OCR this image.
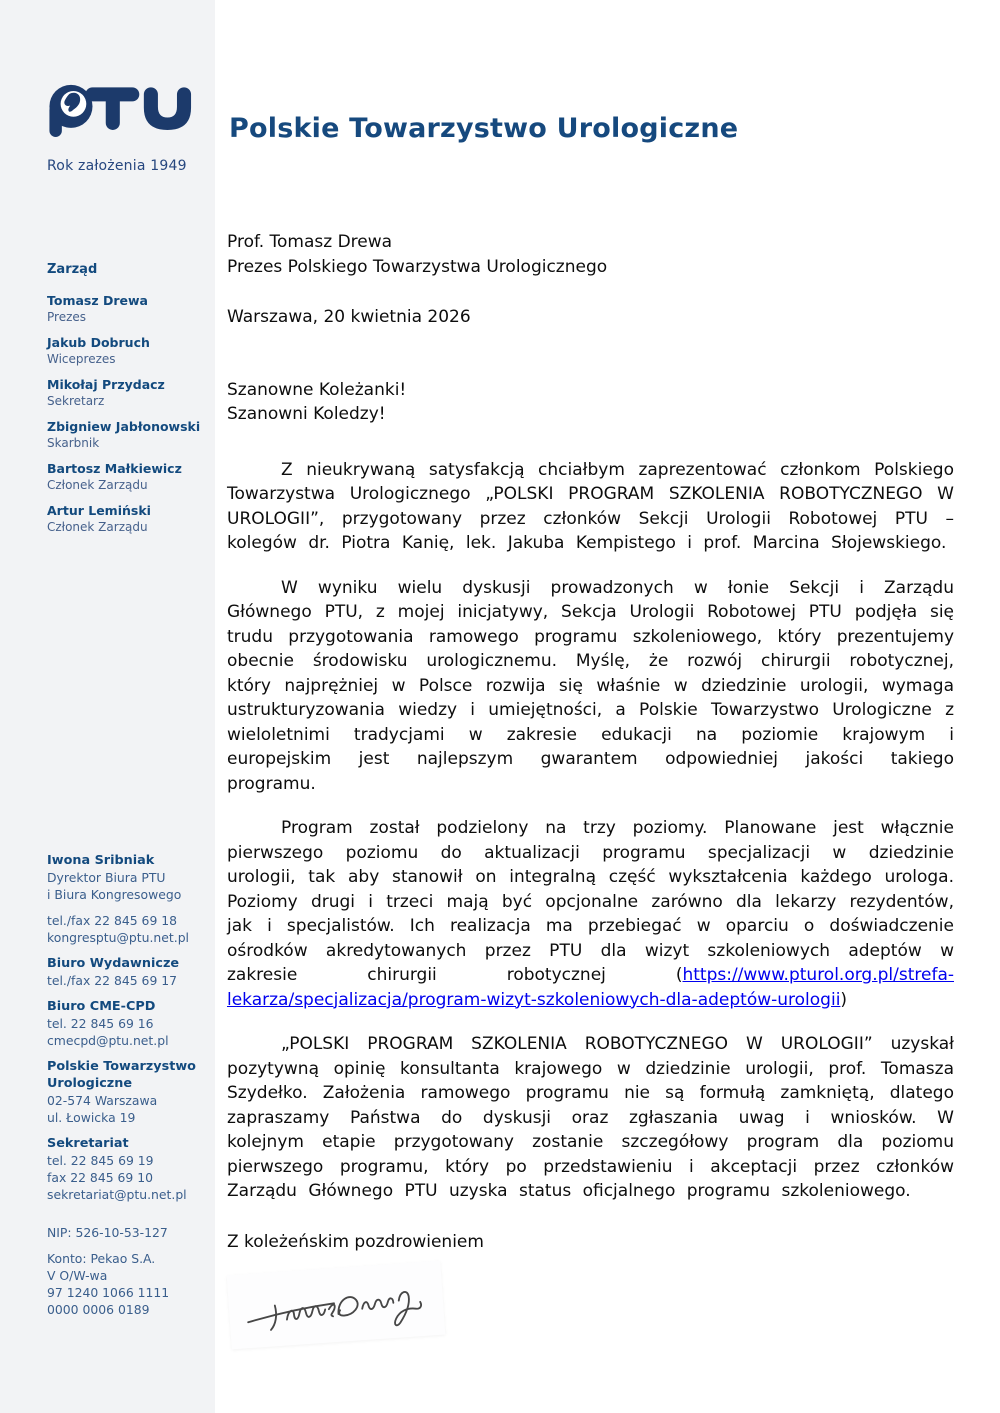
Rok założenia 1949
Zarząd
Tomasz Drewa
Prezes
Jakub Dobruch
Wiceprezes
Mikołaj Przydacz
Sekretarz
Zbigniew Jabłonowski
Skarbnik
Bartosz Małkiewicz
Członek Zarządu
Artur Lemiński
Członek Zarządu
Iwona Sribniak
Dyrektor Biura PTU
i Biura Kongresowego
tel./fax 22 845 69 18
kongresptu@ptu.net.pl
Biuro Wydawnicze
tel./fax 22 845 69 17
Biuro CME-CPD
tel. 22 845 69 16
cmecpd@ptu.net.pl
Polskie Towarzystwo Urologiczne
02-574 Warszawa
ul. Łowicka 19
Sekretariat
tel. 22 845 69 19
fax 22 845 69 10
sekretariat@ptu.net.pl
NIP: 526-10-53-127
Konto: Pekao S.A.
V O/W-wa
97 1240 1066 1111
0000 0006 0189
Polskie Towarzystwo Urologiczne
Prof. Tomasz Drewa
Prezes Polskiego Towarzystwa Urologicznego
Warszawa, 20 kwietnia 2026
Szanowne Koleżanki!
Szanowni Koledzy!

Z nieukrywaną satysfakcją chciałbym zaprezentować członkom Polskiego Towarzystwa Urologicznego „POLSKI PROGRAM SZKOLENIA ROBOTYCZNEGO W UROLOGII”, przygotowany przez członków Sekcji Urologii Robotowej PTU – kolegów dr. Piotra Kanię, lek. Jakuba Kempistego i prof. Marcina Słojewskiego.

W wyniku wielu dyskusji prowadzonych w łonie Sekcji i Zarządu Głównego PTU, z mojej inicjatywy, Sekcja Urologii Robotowej PTU podjęła się trudu przygotowania ramowego programu szkoleniowego, który prezentujemy obecnie środowisku urologicznemu. Myślę, że rozwój chirurgii robotycznej, który najprężniej w Polsce rozwija się właśnie w dziedzinie urologii, wymaga ustrukturyzowania wiedzy i umiejętności, a Polskie Towarzystwo Urologiczne z wieloletnimi tradycjami w zakresie edukacji na poziomie krajowym i europejskim jest najlepszym gwarantem odpowiedniej jakości takiego programu.

Program został podzielony na trzy poziomy. Planowane jest włącznie pierwszego poziomu do aktualizacji programu specjalizacji w dziedzinie urologii, tak aby stanowił on integralną część wykształcenia każdego urologa. Poziomy drugi i trzeci mają być opcjonalne zarówno dla lekarzy rezydentów, jak i specjalistów. Ich realizacja ma przebiegać w oparciu o doświadczenie ośrodków akredytowanych przez PTU dla wizyt szkoleniowych adeptów w zakresie chirurgii robotycznej (https://www.pturol.org.pl/strefa-lekarza/specjalizacja/program-wizyt-szkoleniowych-dla-adeptów-urologii)

„POLSKI PROGRAM SZKOLENIA ROBOTYCZNEGO W UROLOGII” uzyskał pozytywną opinię konsultanta krajowego w dziedzinie urologii, prof. Tomasza Szydełko. Założenia ramowego programu nie są formułą zamkniętą, dlatego zapraszamy Państwa do dyskusji oraz zgłaszania uwag i wniosków. W kolejnym etapie przygotowany zostanie szczegółowy program dla poziomu pierwszego programu, który po przedstawieniu i akceptacji przez członków Zarządu Głównego PTU uzyska status oficjalnego programu szkoleniowego.

Z koleżeńskim pozdrowieniem
